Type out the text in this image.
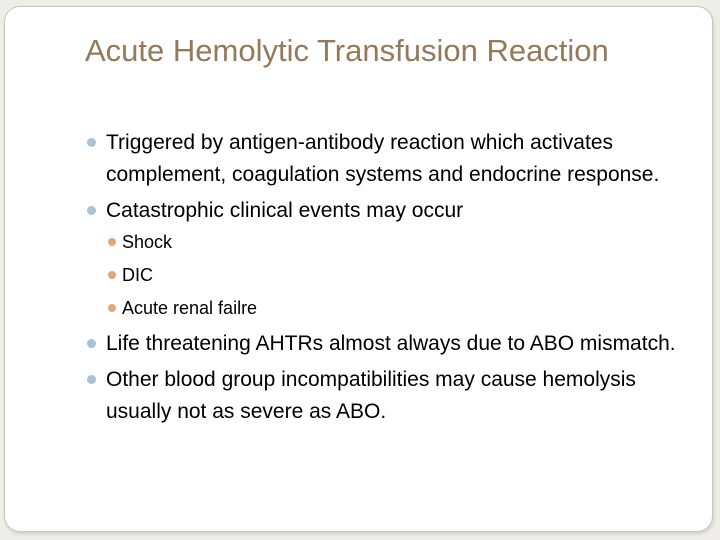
Acute Hemolytic Transfusion Reaction
Triggered by antigen-antibody reaction which activates complement, coagulation systems and endocrine response.
Catastrophic clinical events may occur
Shock
DIC
Acute renal failre
Life threatening AHTRs almost always due to ABO mismatch.
Other blood group incompatibilities may cause hemolysis usually not as severe as ABO.
